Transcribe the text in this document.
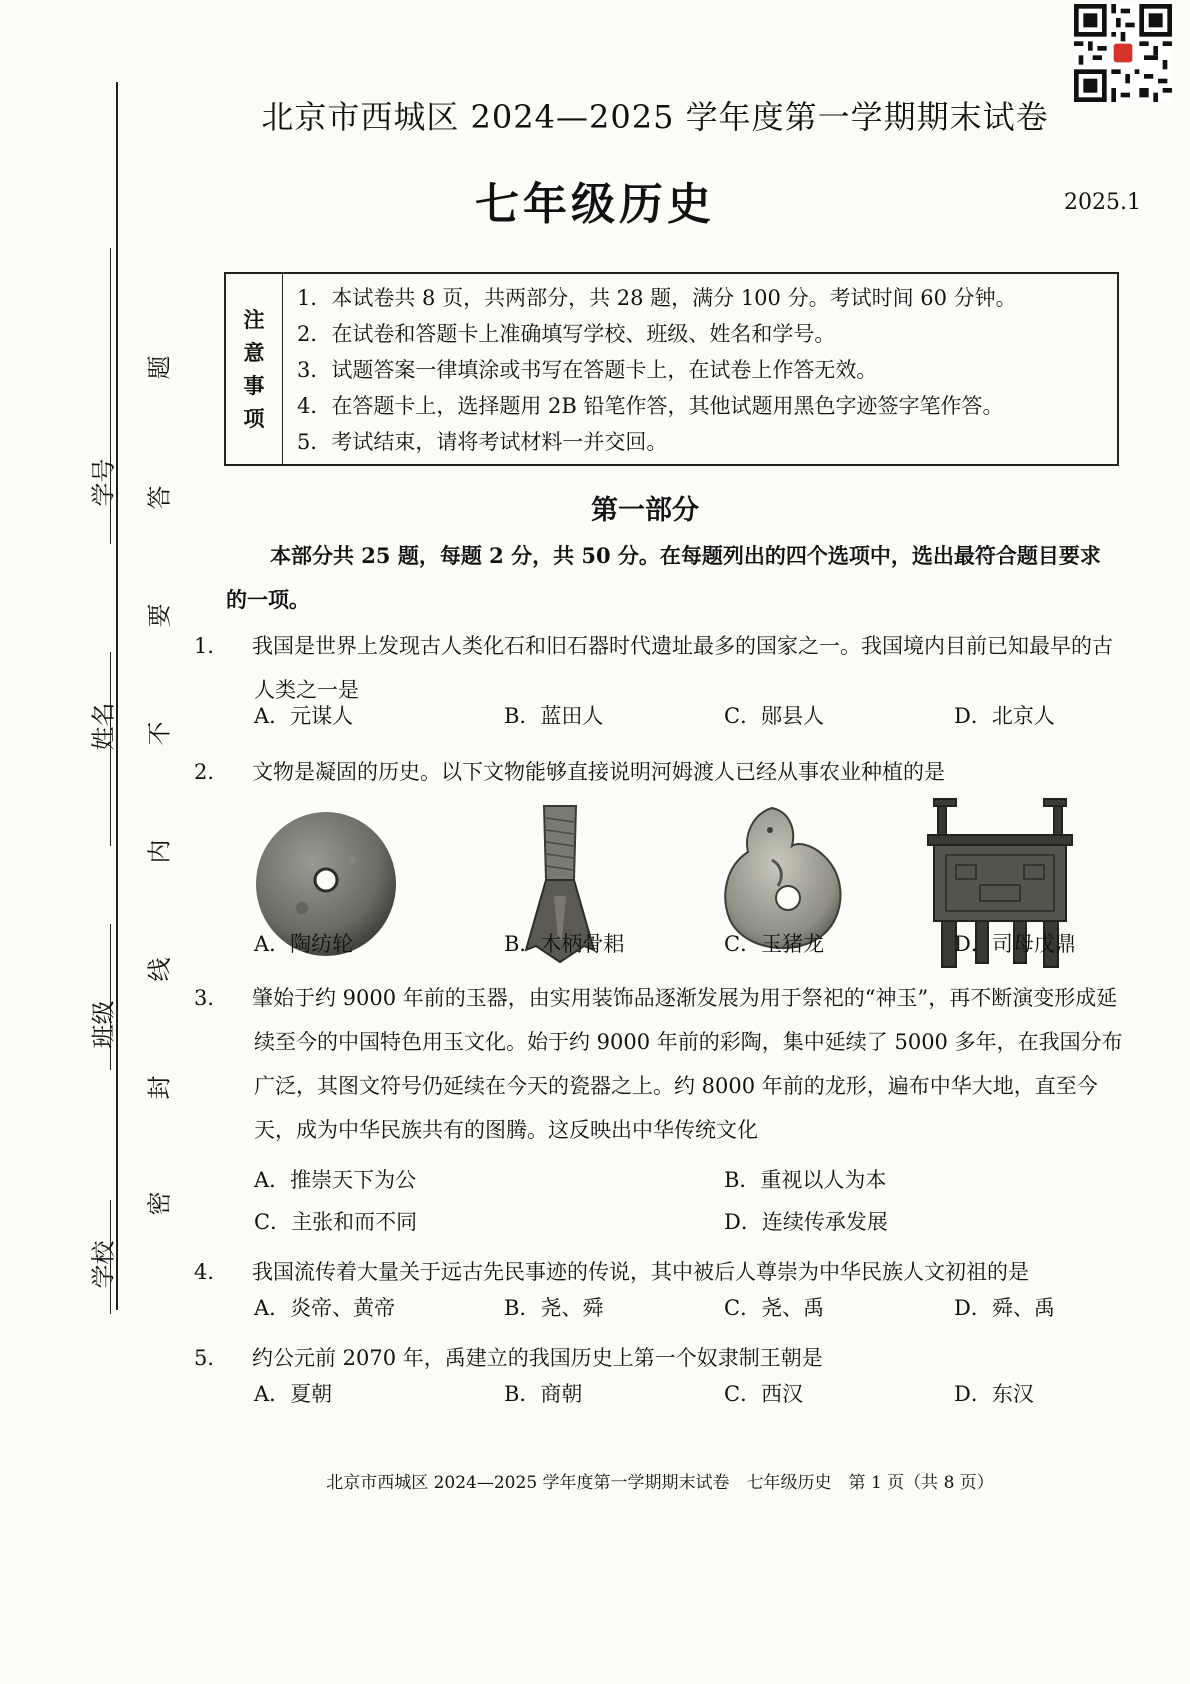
学号
姓名
班级
学校
题
答
要
不
内
线
封
密
北京市西城区 2024—2025 学年度第一学期期末试卷
七年级历史	2025.1
注
意
事
项
1．本试卷共 8 页，共两部分，共 28 题，满分 100 分。考试时间 60 分钟。
2．在试卷和答题卡上准确填写学校、班级、姓名和学号。
3．试题答案一律填涂或书写在答题卡上，在试卷上作答无效。
4．在答题卡上，选择题用 2B 铅笔作答，其他试题用黑色字迹签字笔作答。
5．考试结束，请将考试材料一并交回。
第一部分
本部分共 25 题，每题 2 分，共 50 分。在每题列出的四个选项中，选出最符合题目要求的一项。
1． 我国是世界上发现古人类化石和旧石器时代遗址最多的国家之一。我国境内目前已知最早的古人类之一是
A．元谋人	B．蓝田人	C．郧县人	D．北京人
2． 文物是凝固的历史。以下文物能够直接说明河姆渡人已经从事农业种植的是
A．陶纺轮	B．木柄骨耜	C．玉猪龙	D．司母戊鼎
3． 肇始于约 9000 年前的玉器，由实用装饰品逐渐发展为用于祭祀的“神玉”，再不断演变形成延续至今的中国特色用玉文化。始于约 9000 年前的彩陶，集中延续了 5000 多年，在我国分布广泛，其图文符号仍延续在今天的瓷器之上。约 8000 年前的龙形，遍布中华大地，直至今天，成为中华民族共有的图腾。这反映出中华传统文化
A．推崇天下为公	B．重视以人为本
C．主张和而不同	D．连续传承发展
4． 我国流传着大量关于远古先民事迹的传说，其中被后人尊崇为中华民族人文初祖的是
A．炎帝、黄帝	B．尧、舜	C．尧、禹	D．舜、禹
5． 约公元前 2070 年，禹建立的我国历史上第一个奴隶制王朝是
A．夏朝	B．商朝	C．西汉	D．东汉
北京市西城区 2024—2025 学年度第一学期期末试卷　七年级历史　第 1 页（共 8 页）
